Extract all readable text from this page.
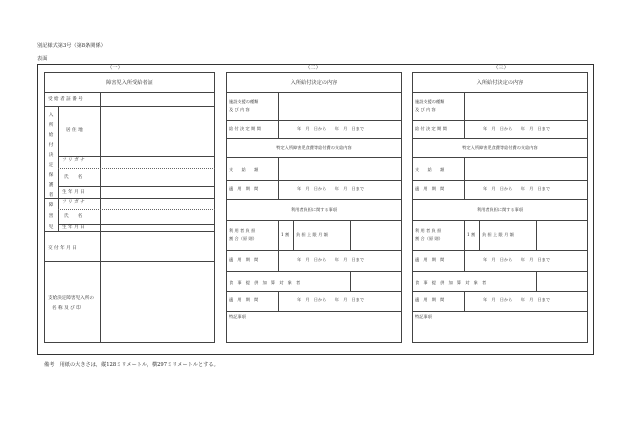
別記様式第3号（第8条関係）
表面
（一）	（二）	（三）
障害児入所受給者証
受 給 者 証 番 号
入
所
給
付
決
定
保
護
者
居 住 地
フ リ ガ ナ
氏　　名
生 年 月 日
障
害
児
フ リ ガ ナ
氏　　名
生 年 月 日
交 付 年 月 日
支給決定障害児入所の
名 称 及 び 印
入所給付決定の内容
施設支援の種類
及 び 内 容
給 付 決 定 期 間	年　月　日から　　年　月　日まで
特定入所障害児食費等給付費の支給内容
支　　給　　額
適　用　期　間	年　月　日から　　年　月　日まで
利用者負担に関する事項
利 用 者 負 担
割 合（原 則）
1 割 負 担 上 限 月 額
適　用　期　間	年　月　日から　　年　月　日まで
食　事　提　供　加　算　対　象　者
適　用　期　間	年　月　日から　　年　月　日まで
特記事項
入所給付決定の内容
施設支援の種類
及 び 内 容
給 付 決 定 期 間	年　月　日から　　年　月　日まで
特定入所障害児食費等給付費の支給内容
支　　給　　額
適　用　期　間	年　月　日から　　年　月　日まで
利用者負担に関する事項
利 用 者 負 担
割 合（原 則）
1 割 負 担 上 限 月 額
適　用　期　間	年　月　日から　　年　月　日まで
食　事　提　供　加　算　対　象　者
適　用　期　間	年　月　日から　　年　月　日まで
特記事項
備考　用紙の大きさは，縦128ミリメートル，横297ミリメートルとする。
